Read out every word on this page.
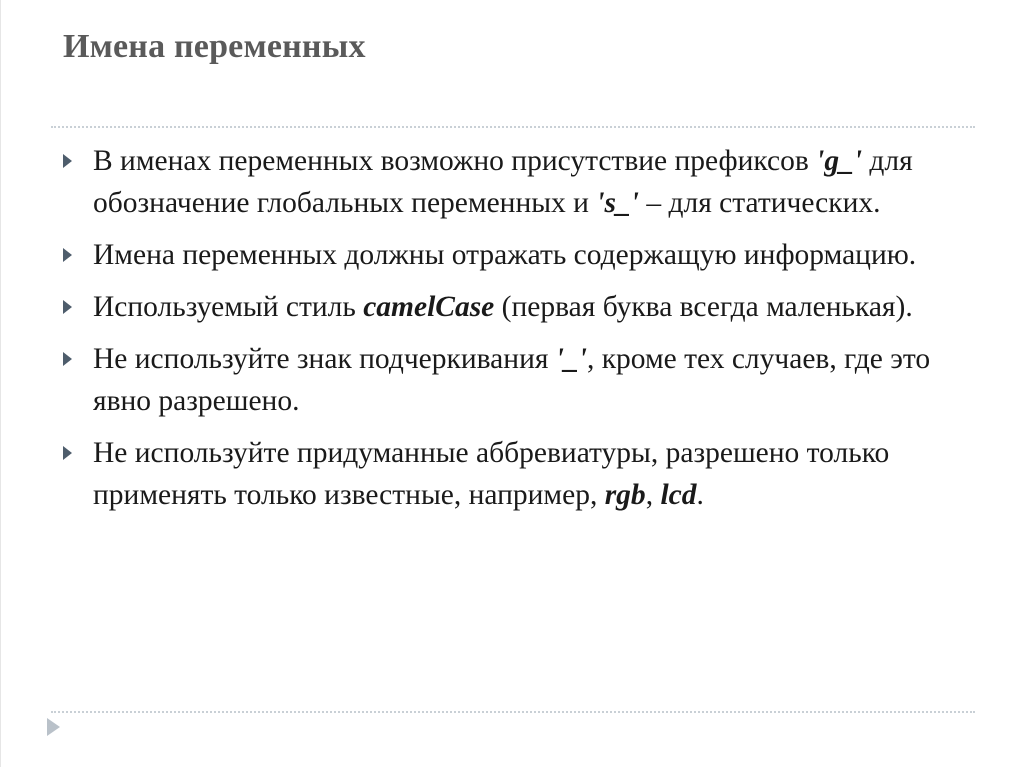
Имена переменных
В именах переменных возможно присутствие префиксов 'g_' для обозначение глобальных переменных и 's_' – для статических.
Имена переменных должны отражать содержащую информацию.
Используемый стиль camelCase (первая буква всегда маленькая).
Не используйте знак подчеркивания '_', кроме тех случаев, где это явно разрешено.
Не используйте придуманные аббревиатуры, разрешено только применять только известные, например, rgb, lcd.
